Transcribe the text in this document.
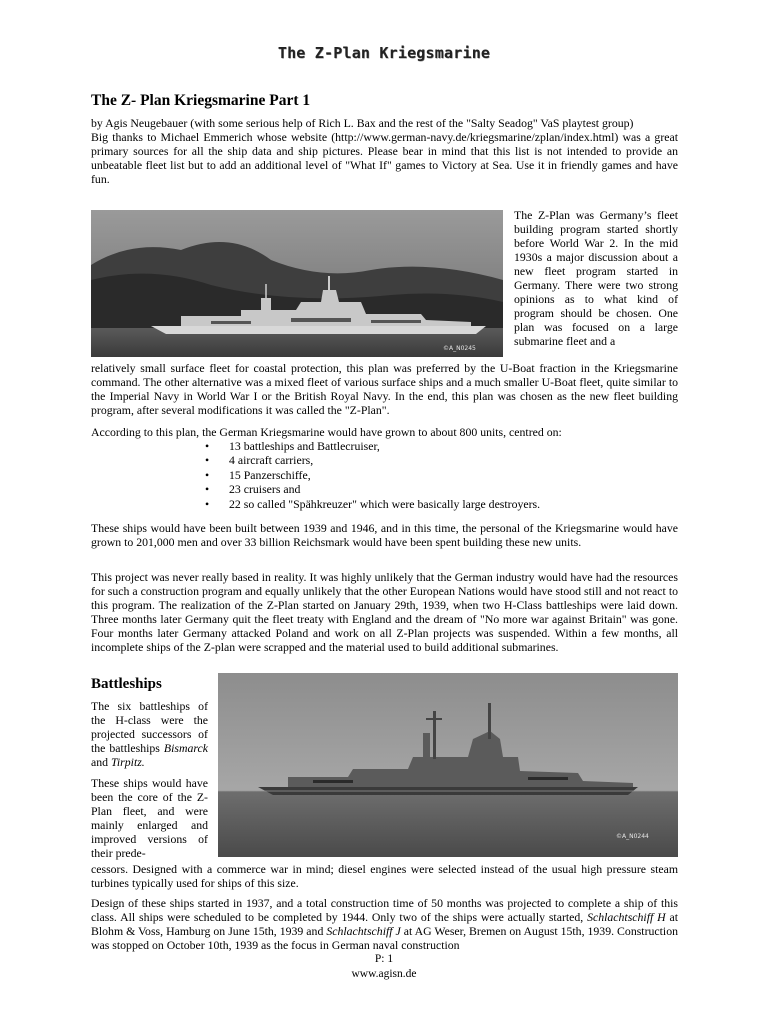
The Z-Plan Kriegsmarine
The Z- Plan Kriegsmarine Part 1

by Agis Neugebauer (with some serious help of Rich L. Bax and the rest of the "Salty Seadog" VaS playtest group)

Big thanks to Michael Emmerich whose website (http://www.german-navy.de/kriegsmarine/zplan/index.html) was a great primary sources for all the ship data and ship pictures. Please bear in mind that this list is not intended to provide an unbeatable fleet list but to add an additional level of "What If" games to Victory at Sea. Use it in friendly games and have fun.

©A_N0245
The Z-Plan was Germany’s fleet building program started shortly before World War 2. In the mid 1930s a major discussion about a new fleet program started in Germany. There were two strong opinions as to what kind of program should be chosen. One plan was focused on a large submarine fleet and a
relatively small surface fleet for coastal protection, this plan was preferred by the U-Boat fraction in the Kriegsmarine command. The other alternative was a mixed fleet of various surface ships and a much smaller U-Boat fleet, quite similar to the Imperial Navy in World War I or the British Royal Navy. In the end, this plan was chosen as the new fleet building program, after several modifications it was called the "Z-Plan".

According to this plan, the German Kriegsmarine would have grown to about 800 units, centred on:

• 13 battleships and Battlecruiser,
• 4 aircraft carriers,
• 15 Panzerschiffe,
• 23 cruisers and
• 22 so called "Spähkreuzer" which were basically large destroyers.

These ships would have been built between 1939 and 1946, and in this time, the personal of the Kriegsmarine would have grown to 201,000 men and over 33 billion Reichsmark would have been spent building these new units.

This project was never really based in reality. It was highly unlikely that the German industry would have had the resources for such a construction program and equally unlikely that the other European Nations would have stood still and not react to this program. The realization of the Z-Plan started on January 29th, 1939, when two H-Class battleships were laid down. Three months later Germany quit the fleet treaty with England and the dream of "No more war against Britain" was gone. Four months later Germany attacked Poland and work on all Z-Plan projects was suspended. Within a few months, all incomplete ships of the Z-plan were scrapped and the material used to build additional submarines.

Battleships

The six battleships of the H-class were the projected successors of the battleships Bismarck and Tirpitz.

These ships would have been the core of the Z-Plan fleet, and were mainly enlarged and improved versions of their prede-

©A_N0244
cessors. Designed with a commerce war in mind; diesel engines were selected instead of the usual high pressure steam turbines typically used for ships of this size.

Design of these ships started in 1937, and a total construction time of 50 months was projected to complete a ship of this class. All ships were scheduled to be completed by 1944. Only two of the ships were actually started, Schlachtschiff H at Blohm & Voss, Hamburg on June 15th, 1939 and Schlachtschiff J at AG Weser, Bremen on August 15th, 1939. Construction was stopped on October 10th, 1939 as the focus in German naval construction

P: 1
www.agisn.de
